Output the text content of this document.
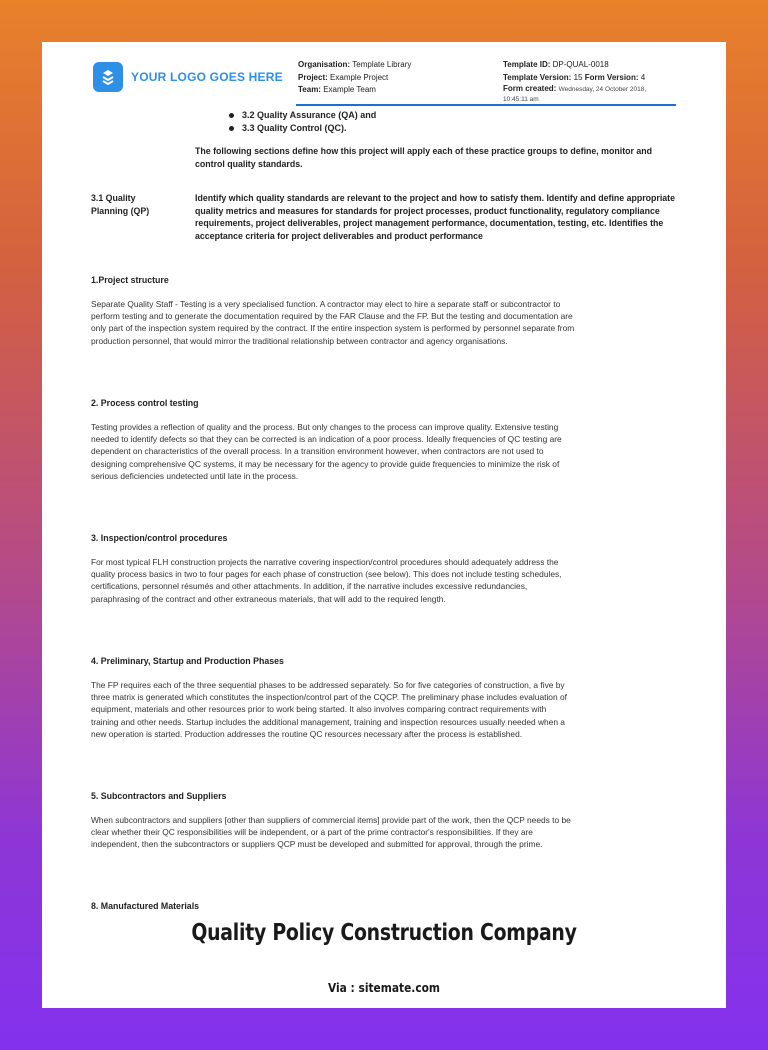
YOUR LOGO GOES HERE
Organisation: Template Library
Project: Example Project
Team: Example Team
Template ID: DP-QUAL-0018
Template Version: 15 Form Version: 4
Form created: Wednesday, 24 October 2018,
10:45:11 am
3.2 Quality Assurance (QA) and
3.3 Quality Control (QC).
The following sections define how this project will apply each of these practice groups to define, monitor and control quality standards.
3.1 Quality Planning (QP)
Identify which quality standards are relevant to the project and how to satisfy them. Identify and define appropriate quality metrics and measures for standards for project processes, product functionality, regulatory compliance requirements, project deliverables, project management performance, documentation, testing, etc. Identifies the acceptance criteria for project deliverables and product performance
1.Project structure
Separate Quality Staff - Testing is a very specialised function. A contractor may elect to hire a separate staff or subcontractor to perform testing and to generate the documentation required by the FAR Clause and the FP. But the testing and documentation are only part of the inspection system required by the contract. If the entire inspection system is performed by personnel separate from production personnel, that would mirror the traditional relationship between contractor and agency organisations.
2. Process control testing
Testing provides a reflection of quality and the process. But only changes to the process can improve quality. Extensive testing needed to identify defects so that they can be corrected is an indication of a poor process. Ideally frequencies of QC testing are dependent on characteristics of the overall process. In a transition environment however, when contractors are not used to designing comprehensive QC systems, it may be necessary for the agency to provide guide frequencies to minimize the risk of serious deficiencies undetected until late in the process.
3. Inspection/control procedures
For most typical FLH construction projects the narrative covering inspection/control procedures should adequately address the quality process basics in two to four pages for each phase of construction (see below). This does not include testing schedules, certifications, personnel résumés and other attachments. In addition, if the narrative includes excessive redundancies, paraphrasing of the contract and other extraneous materials, that will add to the required length.
4. Preliminary, Startup and Production Phases
The FP requires each of the three sequential phases to be addressed separately. So for five categories of construction, a five by three matrix is generated which constitutes the inspection/control part of the CQCP. The preliminary phase includes evaluation of equipment, materials and other resources prior to work being started. It also involves comparing contract requirements with training and other needs. Startup includes the additional management, training and inspection resources usually needed when a new operation is started. Production addresses the routine QC resources necessary after the process is established.
5. Subcontractors and Suppliers
When subcontractors and suppliers [other than suppliers of commercial items] provide part of the work, then the QCP needs to be clear whether their QC responsibilities will be independent, or a part of the prime contractor's responsibilities. If they are independent, then the subcontractors or suppliers QCP must be developed and submitted for approval, through the prime.
8. Manufactured Materials
Quality Policy Construction Company
Via : sitemate.com
